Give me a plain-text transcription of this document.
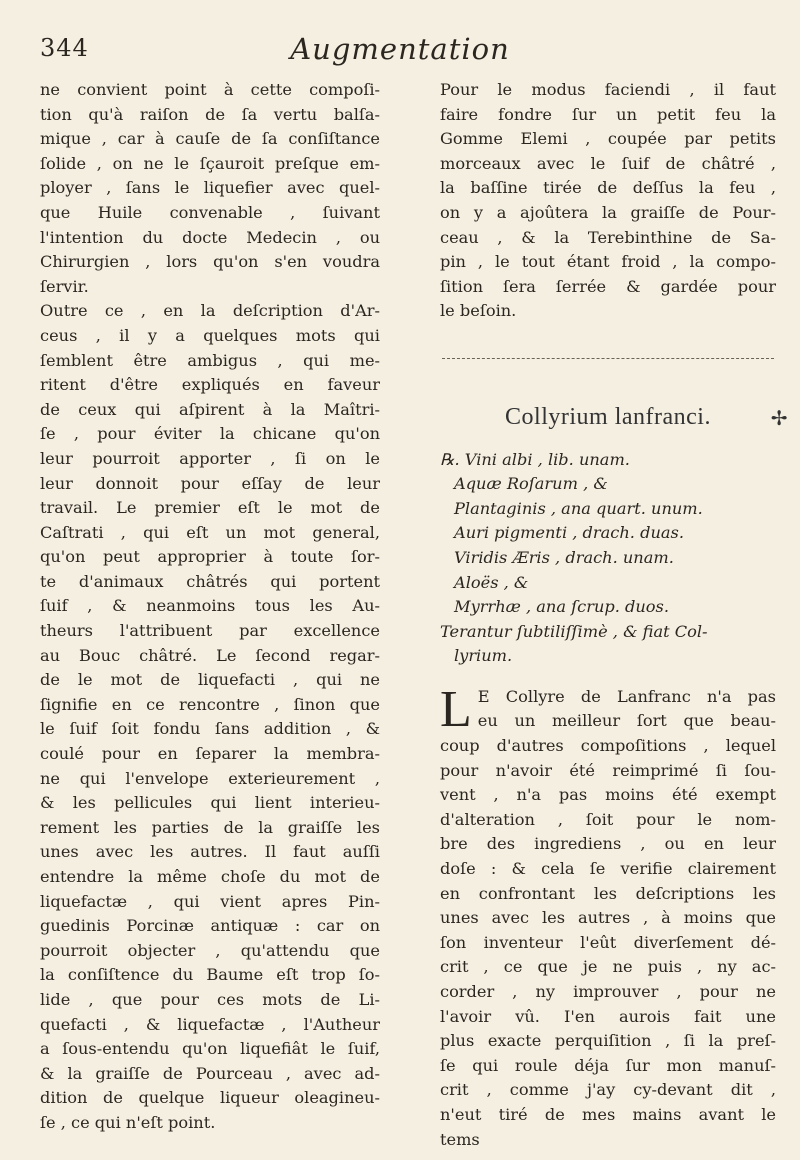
344	Augmentation
ne convient point à cette compoſi-
tion qu'à raiſon de ſa vertu balſa-
mique , car à cauſe de ſa conſiſtance
ſolide , on ne le ſçauroit preſque em-
ployer , ſans le liquefier avec quel-
que Huile convenable , ſuivant
l'intention du docte Medecin , ou
Chirurgien , lors qu'on s'en voudra
ſervir.
Outre ce , en la deſcription d'Ar-
ceus , il y a quelques mots qui
ſemblent être ambigus , qui me-
ritent d'être expliqués en faveur
de ceux qui aſpirent à la Maîtri-
ſe , pour éviter la chicane qu'on
leur pourroit apporter , ſi on le
leur donnoit pour eſſay de leur
travail. Le premier eſt le mot de
Caſtrati , qui eſt un mot general,
qu'on peut approprier à toute ſor-
te d'animaux châtrés qui portent
ſuif , & neanmoins tous les Au-
theurs l'attribuent par excellence
au Bouc châtré. Le ſecond regar-
de le mot de liquefacti , qui ne
ſignifie en ce rencontre , ſinon que
le ſuif ſoit fondu ſans addition , &
coulé pour en ſeparer la membra-
ne qui l'envelope exterieurement ,
& les pellicules qui lient interieu-
rement les parties de la graiſſe les
unes avec les autres. Il faut auſſi
entendre la même choſe du mot de
liquefactæ , qui vient apres Pin-
guedinis Porcinæ antiquæ : car on
pourroit objecter , qu'attendu que
la conſiſtence du Baume eſt trop ſo-
lide , que pour ces mots de Li-
quefacti , & liquefactæ , l'Autheur
a ſous-entendu qu'on liquefiât le ſuif,
& la graiſſe de Pourceau , avec ad-
dition de quelque liqueur oleagineu-
ſe , ce qui n'eſt point.
Pour le modus faciendi , il faut
faire fondre ſur un petit feu la
Gomme Elemi , coupée par petits
morceaux avec le ſuif de châtré ,
la baſſine tirée de deſſus la feu ,
on y a ajoûtera la graiſſe de Pour-
ceau , & la Terebinthine de Sa-
pin , le tout étant froid , la compo-
ſition ſera ſerrée & gardée pour
le beſoin.
Collyrium lanfranci.	✢
℞. Vini albi , lib. unam.
Aquæ Roſarum , &
Plantaginis , ana quart. unum.
Auri pigmenti , drach. duas.
Viridis Æris , drach. unam.
Aloës , &
Myrrhæ , ana ſcrup. duos.
Terantur ſubtiliſſimè , & fiat Col-
lyrium.
L E Collyre de Lanfranc n'a pas
eu un meilleur ſort que beau-
coup d'autres compoſitions , lequel
pour n'avoir été reimprimé ſi ſou-
vent , n'a pas moins été exempt
d'alteration , ſoit pour le nom-
bre des ingrediens , ou en leur
doſe : & cela ſe verifie clairement
en confrontant les deſcriptions les
unes avec les autres , à moins que
ſon inventeur l'eût diverſement dé-
crit , ce que je ne puis , ny ac-
corder , ny improuver , pour ne
l'avoir vû. I'en aurois fait une
plus exacte perquiſition , ſi la preſ-
ſe qui roule déja ſur mon manuſ-
crit , comme j'ay cy-devant dit ,
n'eut tiré de mes mains avant le
tems
